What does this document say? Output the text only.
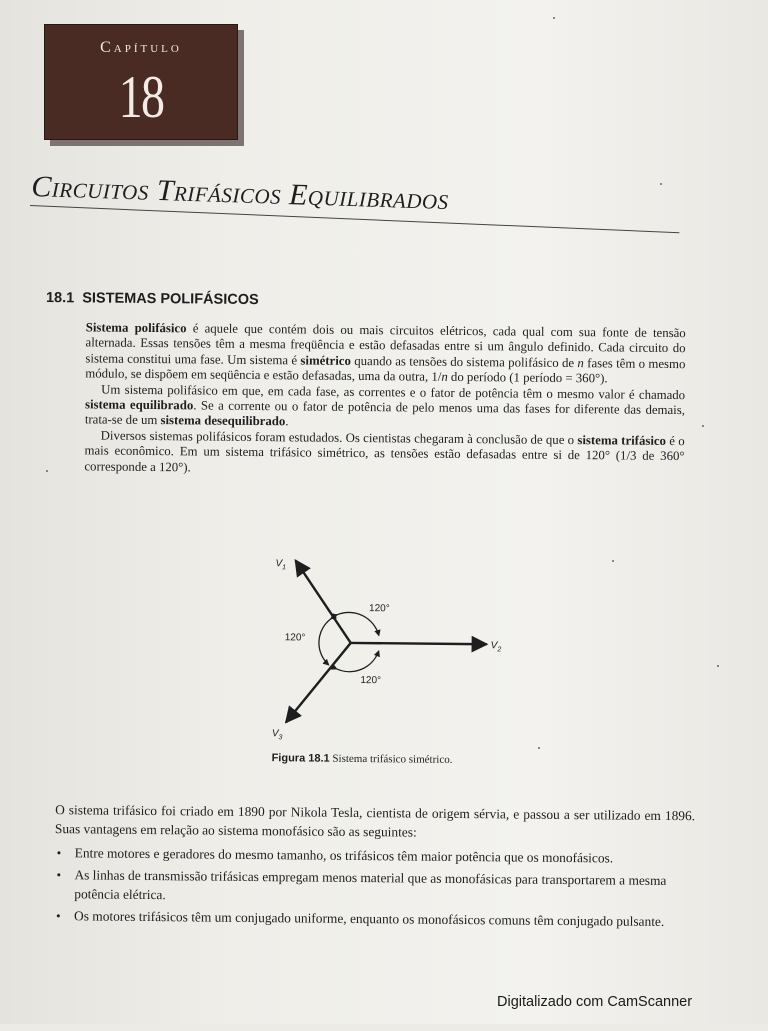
Capítulo
18
Circuitos Trifásicos Equilibrados
18.1 SISTEMAS POLIFÁSICOS

Sistema polifásico é aquele que contém dois ou mais circuitos elétricos, cada qual com sua fonte de tensão alternada. Essas tensões têm a mesma freqüência e estão defasadas entre si um ângulo definido. Cada circuito do sistema constitui uma fase. Um sistema é simétrico quando as tensões do sistema polifásico de n fases têm o mesmo módulo, se dispõem em seqüência e estão defasadas, uma da outra, 1/n do período (1 período = 360°).

Um sistema polifásico em que, em cada fase, as correntes e o fator de potência têm o mesmo valor é chamado sistema equilibrado. Se a corrente ou o fator de potência de pelo menos uma das fases for diferente das demais, trata-se de um sistema desequilibrado.

Diversos sistemas polifásicos foram estudados. Os cientistas chegaram à conclusão de que o sistema trifásico é o mais econômico. Em um sistema trifásico simétrico, as tensões estão defasadas entre si de 120° (1/3 de 360° corresponde a 120°).

$V_1$
$V_2$
$V_3$
120°
120°
120°
Figura 18.1 Sistema trifásico simétrico.

O sistema trifásico foi criado em 1890 por Nikola Tesla, cientista de origem sérvia, e passou a ser utilizado em 1896. Suas vantagens em relação ao sistema monofásico são as seguintes:

• Entre motores e geradores do mesmo tamanho, os trifásicos têm maior potência que os monofásicos.
• As linhas de transmissão trifásicas empregam menos material que as monofásicas para transportarem a mesma potência elétrica.
• Os motores trifásicos têm um conjugado uniforme, enquanto os monofásicos comuns têm conjugado pulsante.
Digitalizado com CamScanner
